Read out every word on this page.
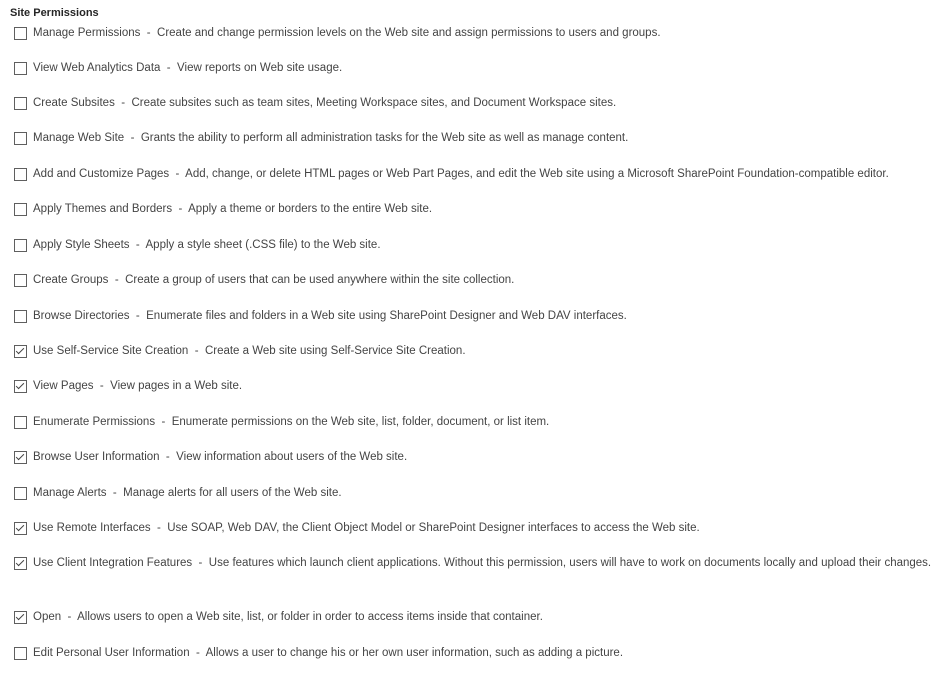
Site Permissions
Manage Permissions  -  Create and change permission levels on the Web site and assign permissions to users and groups.
View Web Analytics Data  -  View reports on Web site usage.
Create Subsites  -  Create subsites such as team sites, Meeting Workspace sites, and Document Workspace sites.
Manage Web Site  -  Grants the ability to perform all administration tasks for the Web site as well as manage content.
Add and Customize Pages  -  Add, change, or delete HTML pages or Web Part Pages, and edit the Web site using a Microsoft SharePoint Foundation-compatible editor.
Apply Themes and Borders  -  Apply a theme or borders to the entire Web site.
Apply Style Sheets  -  Apply a style sheet (.CSS file) to the Web site.
Create Groups  -  Create a group of users that can be used anywhere within the site collection.
Browse Directories  -  Enumerate files and folders in a Web site using SharePoint Designer and Web DAV interfaces.
Use Self-Service Site Creation  -  Create a Web site using Self-Service Site Creation.
View Pages  -  View pages in a Web site.
Enumerate Permissions  -  Enumerate permissions on the Web site, list, folder, document, or list item.
Browse User Information  -  View information about users of the Web site.
Manage Alerts  -  Manage alerts for all users of the Web site.
Use Remote Interfaces  -  Use SOAP, Web DAV, the Client Object Model or SharePoint Designer interfaces to access the Web site.
Use Client Integration Features  -  Use features which launch client applications. Without this permission, users will have to work on documents locally and upload their changes.
Open  -  Allows users to open a Web site, list, or folder in order to access items inside that container.
Edit Personal User Information  -  Allows a user to change his or her own user information, such as adding a picture.
